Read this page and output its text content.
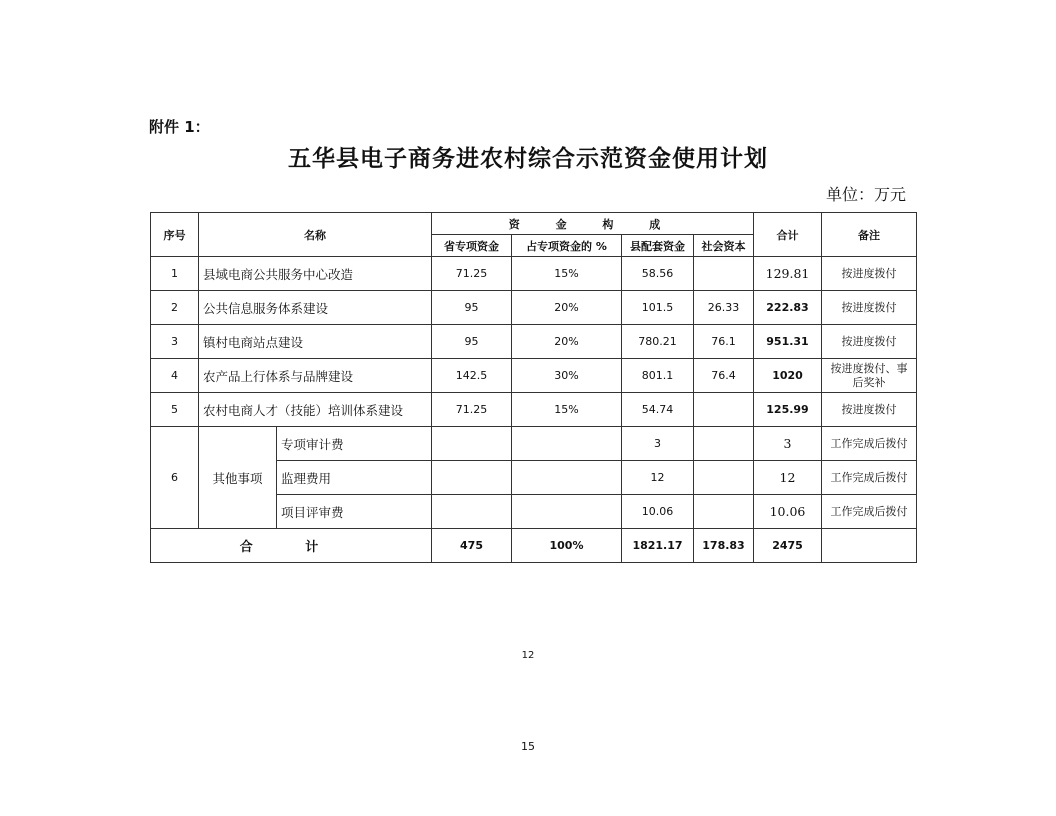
附件 1：
五华县电子商务进农村综合示范资金使用计划
单位：万元
序号	名称		资 金 构 成				合计	备注
			省专项资金	占专项资金的 %	县配套资金	社会资本		
1	县域电商公共服务中心改造		71.25	15%	58.56		129.81	按进度拨付
2	公共信息服务体系建设		95	20%	101.5	26.33	222.83	按进度拨付
3	镇村电商站点建设		95	20%	780.21	76.1	951.31	按进度拨付
4	农产品上行体系与品牌建设		142.5	30%	801.1	76.4	1020	按进度拨付、事后奖补
5	农村电商人才（技能）培训体系建设		71.25	15%	54.74		125.99	按进度拨付
6	其他事项	专项审计费			3		3	工作完成后拨付
		监理费用			12		12	工作完成后拨付
		项目评审费			10.06		10.06	工作完成后拨付
合 计			475	100%	1821.17	178.83	2475	
12
15
